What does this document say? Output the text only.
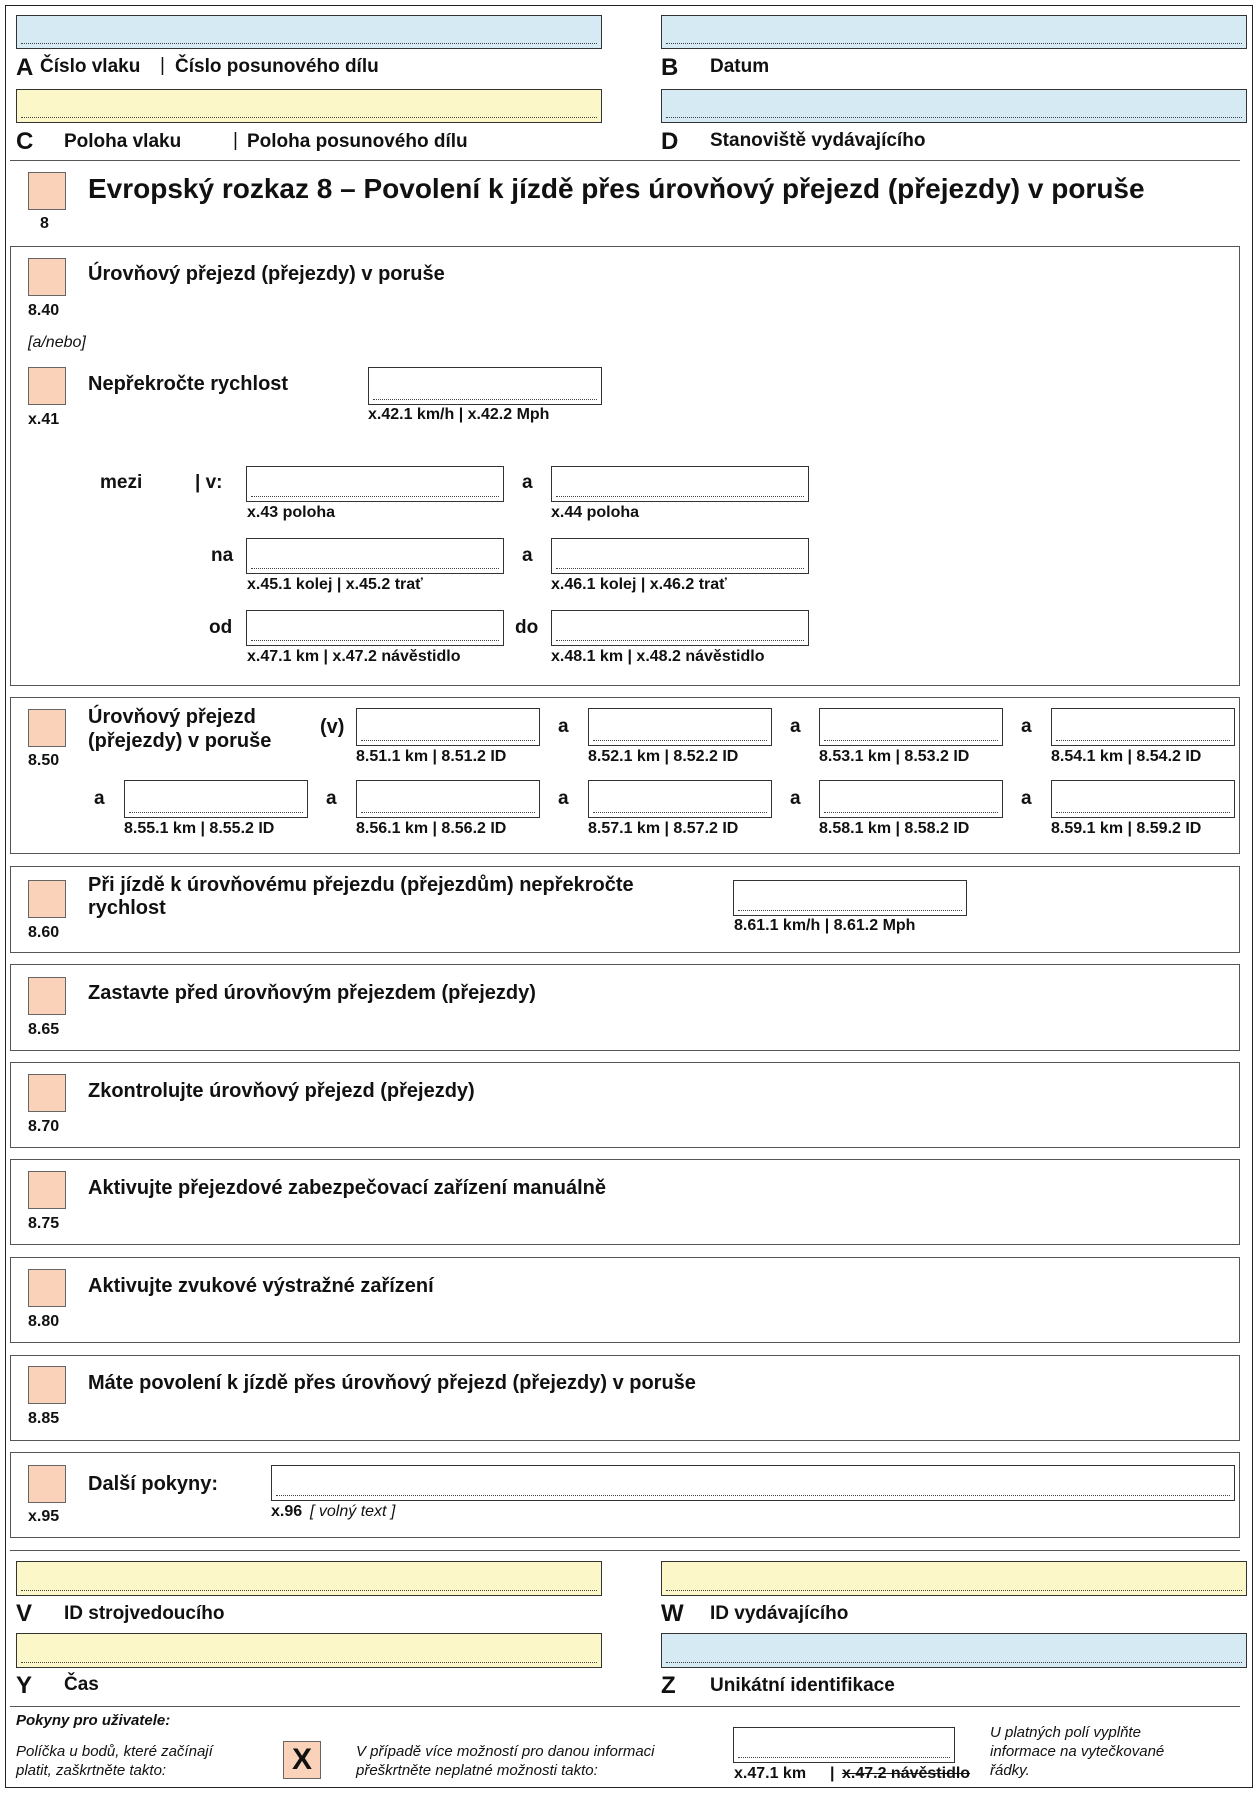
A Číslo vlaku | Číslo posunového dílu	B Datum
C Poloha vlaku	| Poloha posunového dílu	D Stanoviště vydávajícího
8
Evropský rozkaz 8 – Povolení k jízdě přes úrovňový přejezd (přejezdy) v poruše
8.40
Úrovňový přejezd (přejezdy) v poruše
[a/nebo]
x.41
Nepřekročte rychlost
x.42.1 km/h | x.42.2 Mph
mezi	| v:
x.43 poloha
a
x.44 poloha
na
x.45.1 kolej | x.45.2 trať
a
x.46.1 kolej | x.46.2 trať
od
x.47.1 km | x.47.2 návěstidlo
do
x.48.1 km | x.48.2 návěstidlo
8.50
Úrovňový přejezd
(přejezdy) v poruše
(v)
8.51.1 km | 8.51.2 ID
a
8.52.1 km | 8.52.2 ID
a
8.53.1 km | 8.53.2 ID
a
8.54.1 km | 8.54.2 ID
a
8.55.1 km | 8.55.2 ID
a
8.56.1 km | 8.56.2 ID
a
8.57.1 km | 8.57.2 ID
a
8.58.1 km | 8.58.2 ID
a
8.59.1 km | 8.59.2 ID
8.60
Při jízdě k úrovňovému přejezdu (přejezdům) nepřekročte
rychlost
8.61.1 km/h | 8.61.2 Mph
8.65
Zastavte před úrovňovým přejezdem (přejezdy)
8.70
Zkontrolujte úrovňový přejezd (přejezdy)
8.75
Aktivujte přejezdové zabezpečovací zařízení manuálně
8.80
Aktivujte zvukové výstražné zařízení
8.85
Máte povolení k jízdě přes úrovňový přejezd (přejezdy) v poruše
x.95
Další pokyny:
x.96 [ volný text ]
V ID strojvedoucího	W ID vydávajícího
Y Čas	Z Unikátní identifikace
Pokyny pro uživatele:
Políčka u bodů, které začínají
platit, zaškrtněte takto:	X	V případě více možností pro danou informaci
přeškrtněte neplatné možnosti takto:	x.47.1 km | x.47.2 návěstidlo
U platných polí vyplňte
informace na vytečkované
řádky.
